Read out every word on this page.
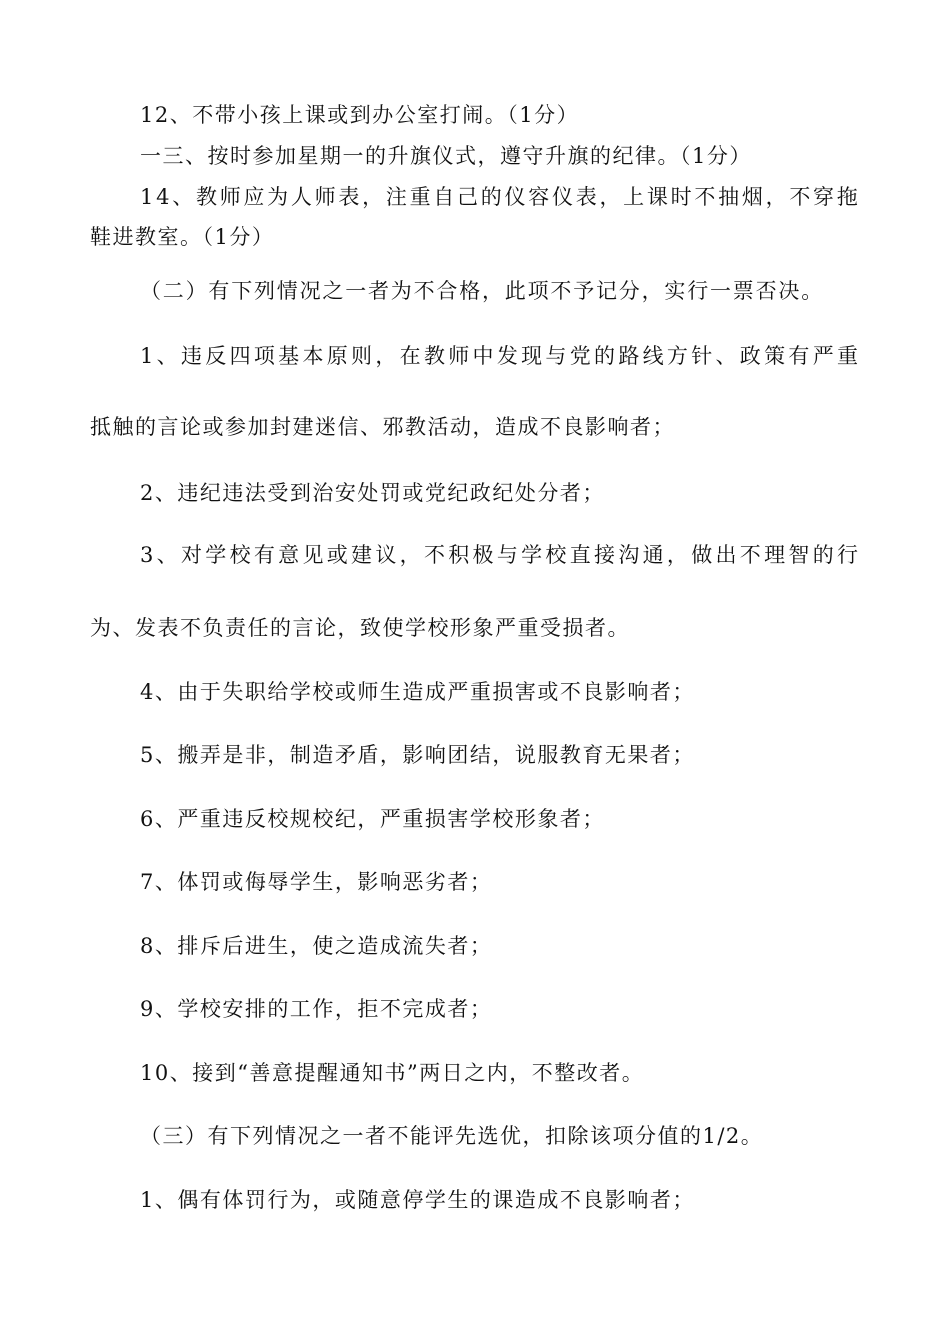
12、不带小孩上课或到办公室打闹。（1分）
一三、按时参加星期一的升旗仪式，遵守升旗的纪律。（1分）
1 4 、 教 师 应 为 人 师 表 ， 注 重 自 己 的 仪 容 仪 表 ， 上 课 时 不 抽 烟 ， 不 穿 拖
鞋进教室。（1分）
（二）有下列情况之一者为不合格，此项不予记分，实行一票否决。
1 、 违 反 四 项 基 本 原 则 ， 在 教 师 中 发 现 与 党 的 路 线 方 针 、 政 策 有 严 重
抵触的言论或参加封建迷信、邪教活动，造成不良影响者；
2、违纪违法受到治安处罚或党纪政纪处分者；
3 、 对 学 校 有 意 见 或 建 议 ， 不 积 极 与 学 校 直 接 沟 通 ， 做 出 不 理 智 的 行
为、发表不负责任的言论，致使学校形象严重受损者。
4、由于失职给学校或师生造成严重损害或不良影响者；
5、搬弄是非，制造矛盾，影响团结，说服教育无果者；
6、严重违反校规校纪，严重损害学校形象者；
7、体罚或侮辱学生，影响恶劣者；
8、排斥后进生，使之造成流失者；
9、学校安排的工作，拒不完成者；
10、接到“善意提醒通知书”两日之内，不整改者。
（三）有下列情况之一者不能评先选优，扣除该项分值的1/2。
1、偶有体罚行为，或随意停学生的课造成不良影响者；
